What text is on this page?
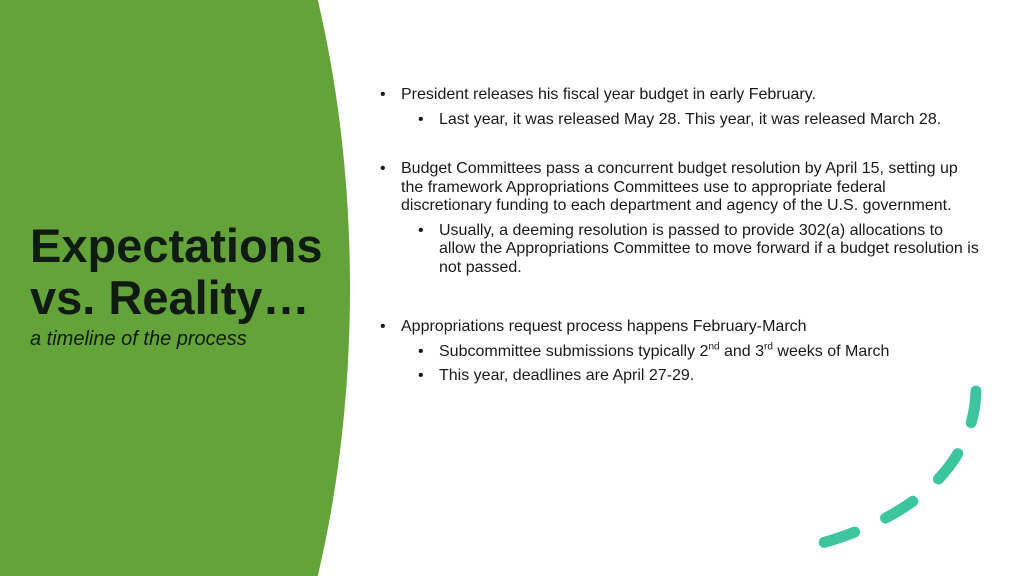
Expectations
vs. Reality…
a timeline of the process
• President releases his fiscal year budget in early February.
• Last year, it was released May 28. This year, it was released March 28.
• Budget Committees pass a concurrent budget resolution by April 15, setting up the framework Appropriations Committees use to appropriate federal discretionary funding to each department and agency of the U.S. government.
• Usually, a deeming resolution is passed to provide 302(a) allocations to allow the Appropriations Committee to move forward if a budget resolution is not passed.
• Appropriations request process happens February-March
• Subcommittee submissions typically 2nd and 3rd weeks of March
• This year, deadlines are April 27-29.
